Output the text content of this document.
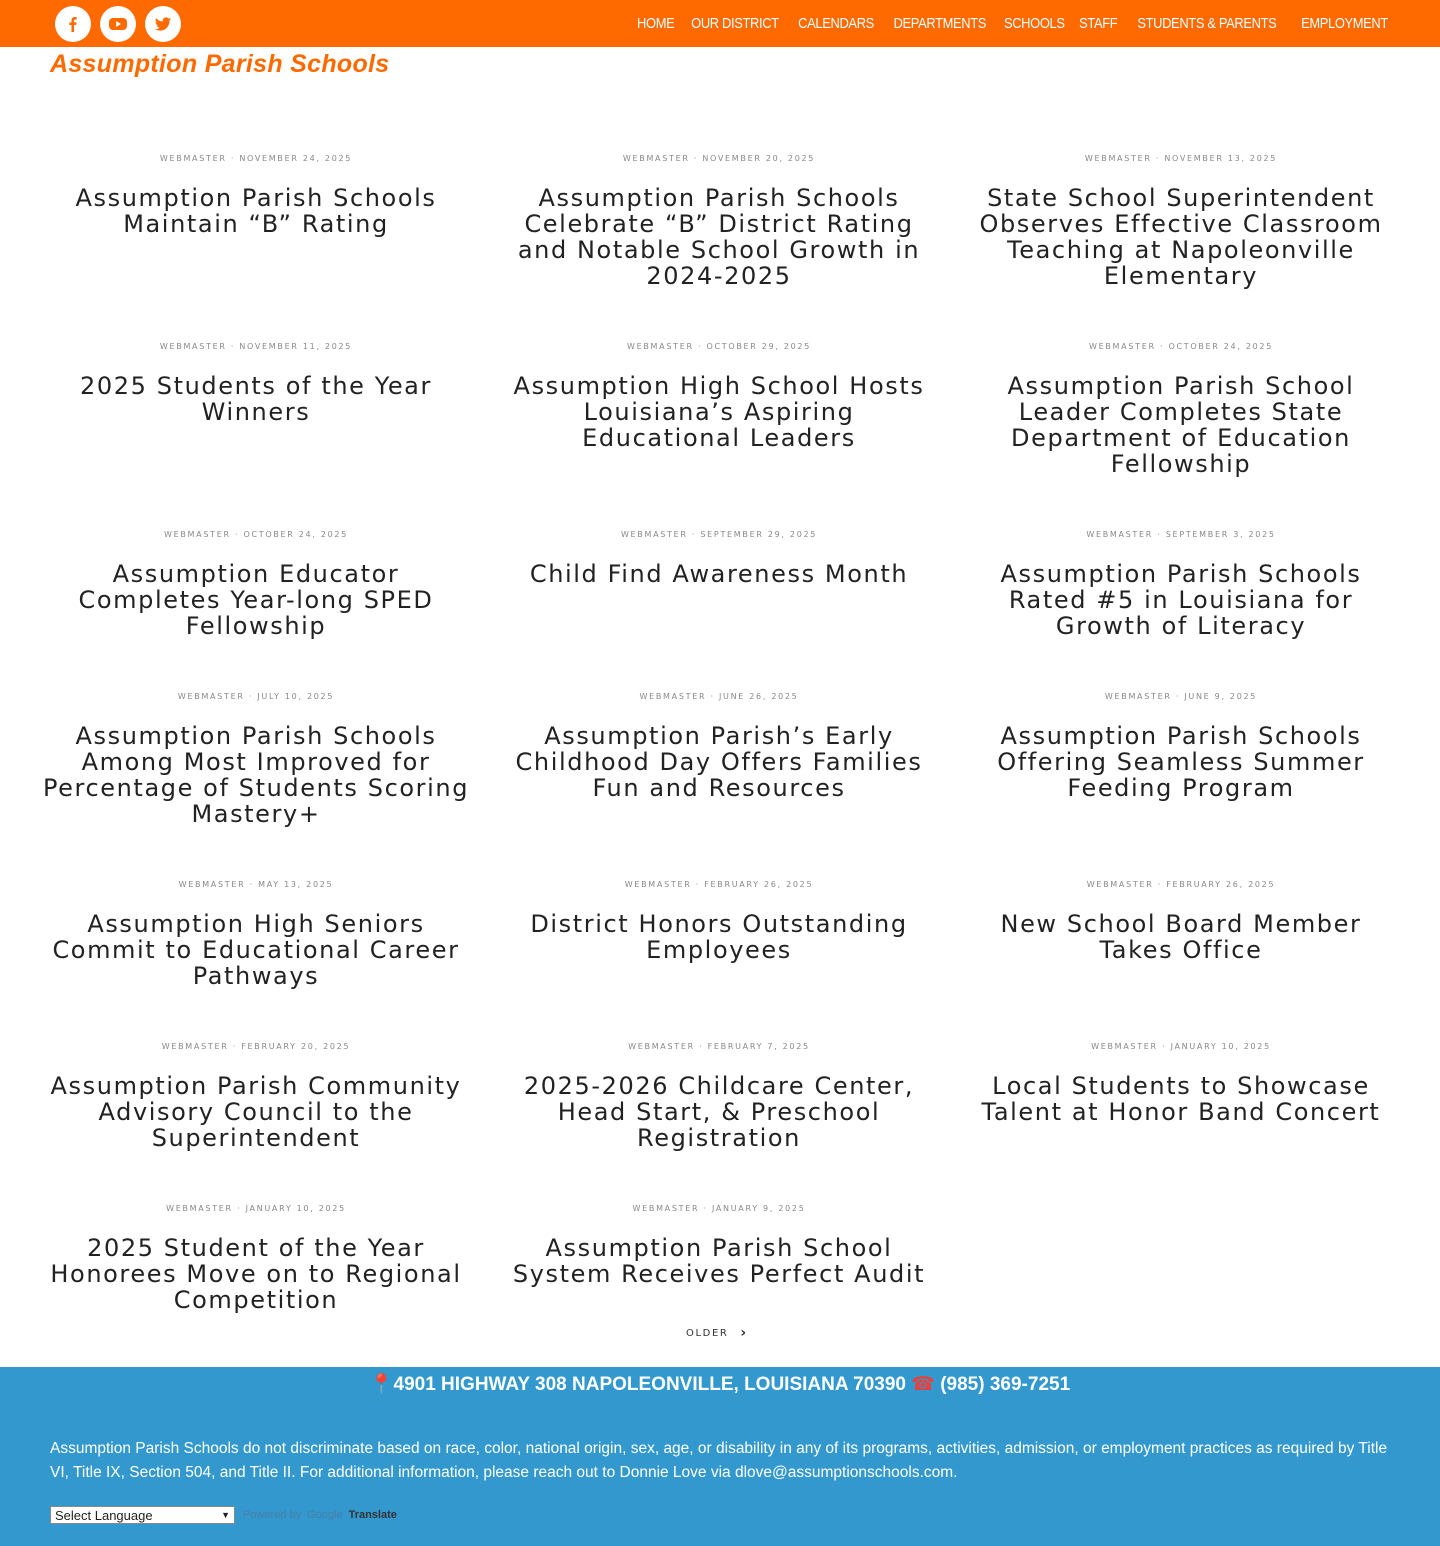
HOME OUR DISTRICT CALENDARS DEPARTMENTS SCHOOLS STAFF STUDENTS & PARENTS EMPLOYMENT
Assumption Parish Schools
WEBMASTER · NOVEMBER 24, 2025
Assumption Parish Schools Maintain “B” Rating
WEBMASTER · NOVEMBER 20, 2025
Assumption Parish Schools Celebrate “B” District Rating and Notable School Growth in 2024-2025
WEBMASTER · NOVEMBER 13, 2025
State School Superintendent Observes Effective Classroom Teaching at Napoleonville Elementary
WEBMASTER · NOVEMBER 11, 2025
2025 Students of the Year Winners
WEBMASTER · OCTOBER 29, 2025
Assumption High School Hosts Louisiana’s Aspiring Educational Leaders
WEBMASTER · OCTOBER 24, 2025
Assumption Parish School Leader Completes State Department of Education Fellowship
WEBMASTER · OCTOBER 24, 2025
Assumption Educator Completes Year-long SPED Fellowship
WEBMASTER · SEPTEMBER 29, 2025
Child Find Awareness Month
WEBMASTER · SEPTEMBER 3, 2025
Assumption Parish Schools Rated #5 in Louisiana for Growth of Literacy
WEBMASTER · JULY 10, 2025
Assumption Parish Schools Among Most Improved for Percentage of Students Scoring Mastery+
WEBMASTER · JUNE 26, 2025
Assumption Parish’s Early Childhood Day Offers Families Fun and Resources
WEBMASTER · JUNE 9, 2025
Assumption Parish Schools Offering Seamless Summer Feeding Program
WEBMASTER · MAY 13, 2025
Assumption High Seniors Commit to Educational Career Pathways
WEBMASTER · FEBRUARY 26, 2025
District Honors Outstanding Employees
WEBMASTER · FEBRUARY 26, 2025
New School Board Member Takes Office
WEBMASTER · FEBRUARY 20, 2025
Assumption Parish Community Advisory Council to the Superintendent
WEBMASTER · FEBRUARY 7, 2025
2025-2026 Childcare Center, Head Start, & Preschool Registration
WEBMASTER · JANUARY 10, 2025
Local Students to Showcase Talent at Honor Band Concert
WEBMASTER · JANUARY 10, 2025
2025 Student of the Year Honorees Move on to Regional Competition
WEBMASTER · JANUARY 9, 2025
Assumption Parish School System Receives Perfect Audit
OLDER ›
📍4901 HIGHWAY 308 NAPOLEONVILLE, LOUISIANA 70390 ☎ (985) 369-7251
Assumption Parish Schools do not discriminate based on race, color, national origin, sex, age, or disability in any of its programs, activities, admission, or employment practices as required by Title VI, Title IX, Section 504, and Title II. For additional information, please reach out to Donnie Love via dlove@assumptionschools.com.
Select Language	▼ Powered by Google Translate
